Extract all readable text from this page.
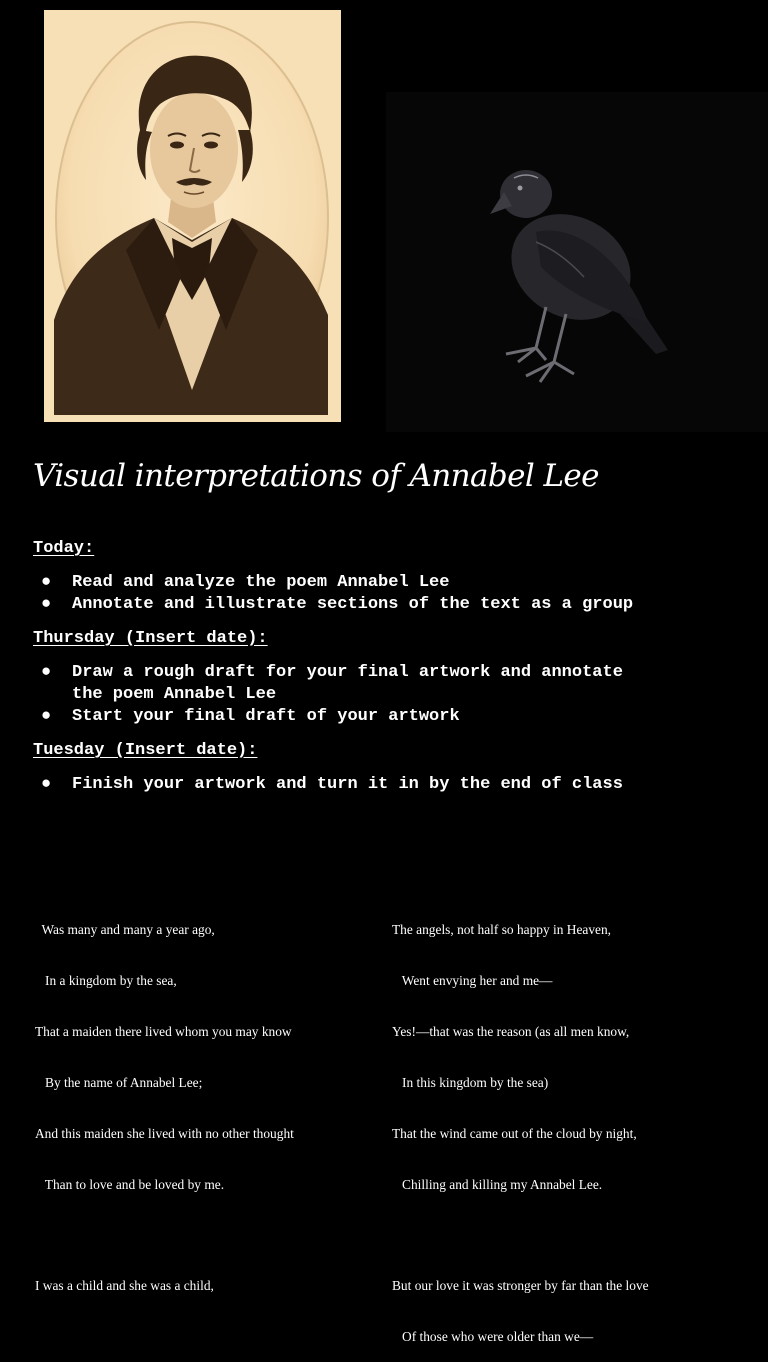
Visual interpretations of Annabel Lee

Today:

● Read and analyze the poem Annabel Lee
● Annotate and illustrate sections of the text as a group

Thursday (Insert date):

● Draw a rough draft for your final artwork and annotate
the poem Annabel Lee
● Start your final draft of your artwork

Tuesday (Insert date):

● Finish your artwork and turn it in by the end of class

Was many and many a year ago,

In a kingdom by the sea,

That a maiden there lived whom you may know

By the name of Annabel Lee;

And this maiden she lived with no other thought

Than to love and be loved by me.

I was a child and she was a child,

The angels, not half so happy in Heaven,

Went envying her and me—

Yes!—that was the reason (as all men know,

In this kingdom by the sea)

That the wind came out of the cloud by night,

Chilling and killing my Annabel Lee.

But our love it was stronger by far than the love

Of those who were older than we—
